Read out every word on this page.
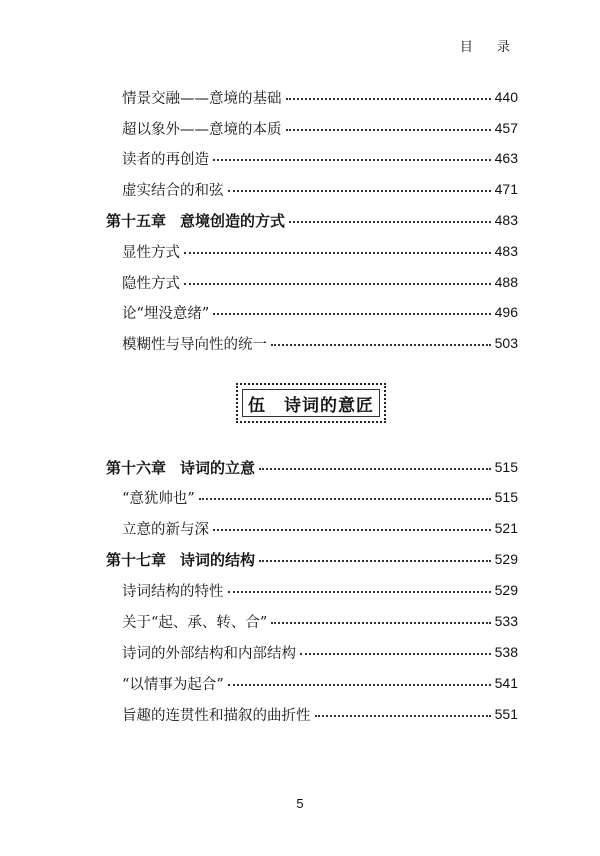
目 录
情景交融——意境的基础	440
超以象外——意境的本质	457
读者的再创造	463
虚实结合的和弦	471
第十五章 意境创造的方式	483
显性方式	483
隐性方式	488
论“埋没意绪”	496
模糊性与导向性的统一	503
伍 诗词的意匠
第十六章 诗词的立意	515
“意犹帅也”	515
立意的新与深	521
第十七章 诗词的结构	529
诗词结构的特性	529
关于“起、承、转、合”	533
诗词的外部结构和内部结构	538
“以情事为起合”	541
旨趣的连贯性和描叙的曲折性	551
5
